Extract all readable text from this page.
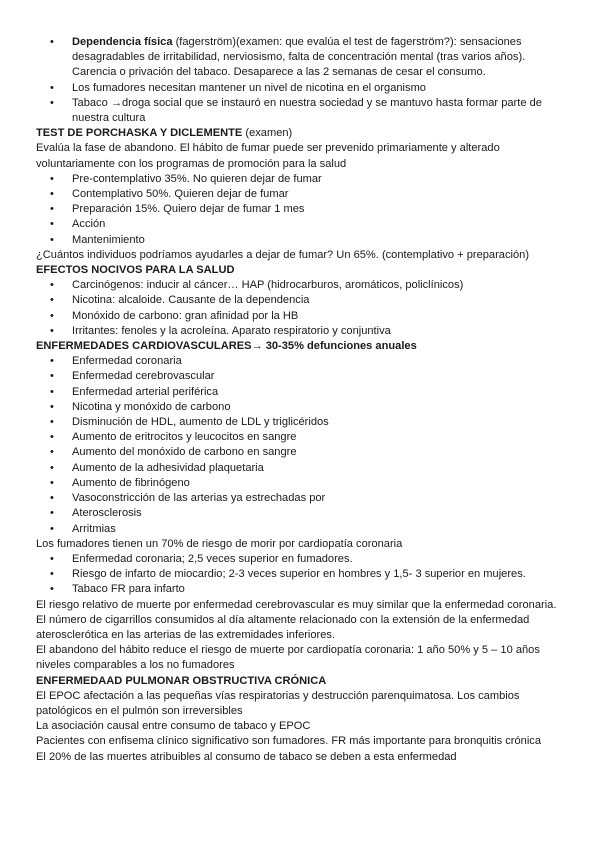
• Dependencia física (fagerström)(examen: que evalúa el test de fagerström?): sensaciones desagradables de irritabilidad, nerviosismo, falta de concentración mental (tras varios años). Carencia o privación del tabaco. Desaparece a las 2 semanas de cesar el consumo.
• Los fumadores necesitan mantener un nivel de nicotina en el organismo
• Tabaco →droga social que se instauró en nuestra sociedad y se mantuvo hasta formar parte de nuestra cultura
TEST DE PORCHASKA Y DICLEMENTE (examen)

Evalúa la fase de abandono. El hábito de fumar puede ser prevenido primariamente y alterado voluntariamente con los programas de promoción para la salud

• Pre-contemplativo 35%. No quieren dejar de fumar
• Contemplativo 50%. Quieren dejar de fumar
• Preparación 15%. Quiero dejar de fumar 1 mes
• Acción
• Mantenimiento

¿Cuántos individuos podríamos ayudarles a dejar de fumar? Un 65%. (contemplativo + preparación)

EFECTOS NOCIVOS PARA LA SALUD
• Carcinógenos: inducir al cáncer… HAP (hidrocarburos, aromáticos, policlínicos)
• Nicotina: alcaloide. Causante de la dependencia
• Monóxido de carbono: gran afinidad por la HB
• Irritantes: fenoles y la acroleína. Aparato respiratorio y conjuntiva
ENFERMEDADES CARDIOVASCULARES→ 30-35% defunciones anuales
• Enfermedad coronaria
• Enfermedad cerebrovascular
• Enfermedad arterial periférica
• Nicotina y monóxido de carbono
• Disminución de HDL, aumento de LDL y triglicéridos
• Aumento de eritrocitos y leucocitos en sangre
• Aumento del monóxido de carbono en sangre
• Aumento de la adhesividad plaquetaria
• Aumento de fibrinógeno
• Vasoconstricción de las arterias ya estrechadas por
• Aterosclerosis
• Arritmias

Los fumadores tienen un 70% de riesgo de morir por cardiopatía coronaria

• Enfermedad coronaria; 2,5 veces superior en fumadores.
• Riesgo de infarto de miocardio; 2-3 veces superior en hombres y 1,5- 3 superior en mujeres.
• Tabaco FR para infarto

El riesgo relativo de muerte por enfermedad cerebrovascular es muy similar que la enfermedad coronaria. El número de cigarrillos consumidos al día altamente relacionado con la extensión de la enfermedad aterosclerótica en las arterias de las extremidades inferiores.

El abandono del hábito reduce el riesgo de muerte por cardiopatía coronaria: 1 año 50% y 5 – 10 años niveles comparables a los no fumadores

ENFERMEDAAD PULMONAR OBSTRUCTIVA CRÓNICA

El EPOC afectación a las pequeñas vías respiratorias y destrucción parenquimatosa. Los cambios patológicos en el pulmón son irreversibles

La asociación causal entre consumo de tabaco y EPOC

Pacientes con enfisema clínico significativo son fumadores. FR más importante para bronquitis crónica

El 20% de las muertes atribuibles al consumo de tabaco se deben a esta enfermedad
